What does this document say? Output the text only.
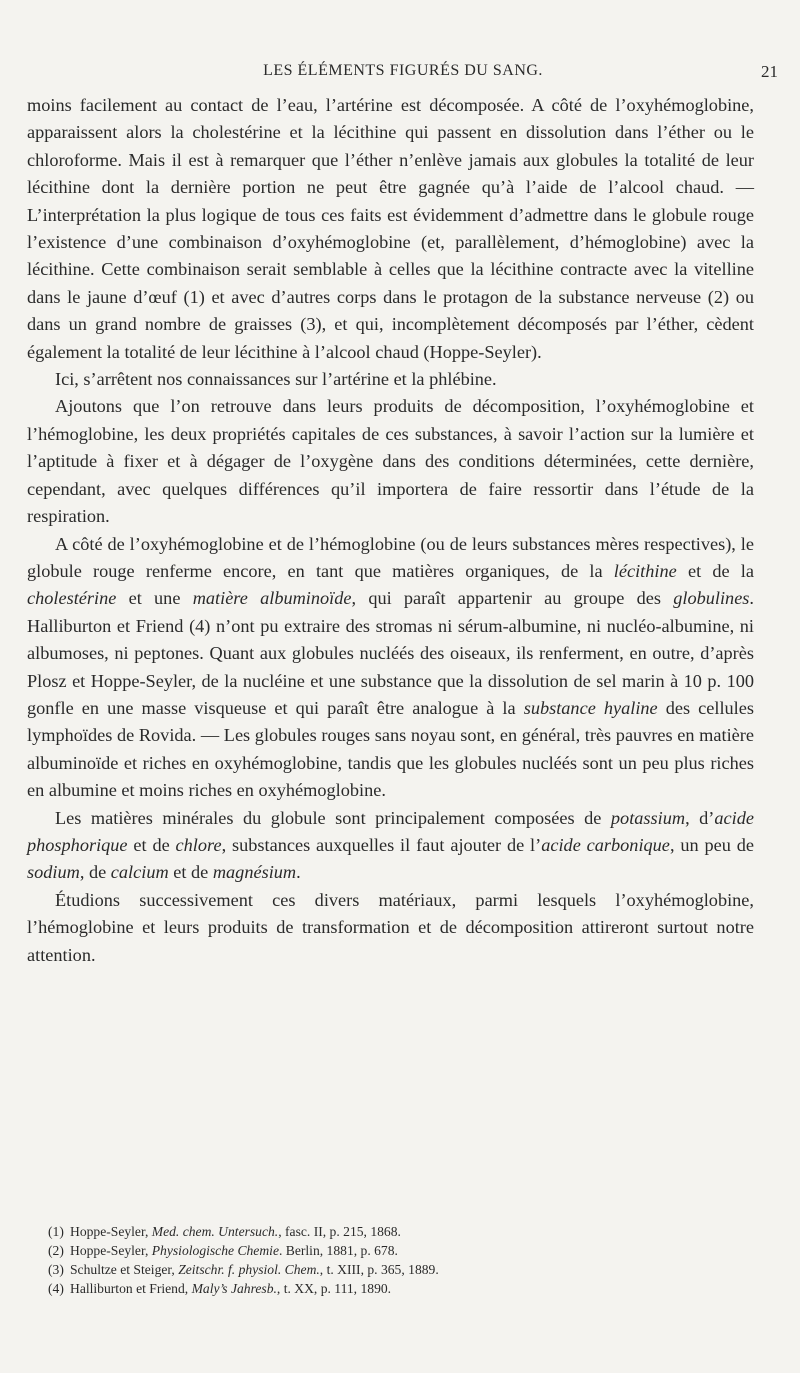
LES ÉLÉMENTS FIGURÉS DU SANG.	21

moins facilement au contact de l’eau, l’artérine est décomposée. A côté de l’oxyhémoglobine, apparaissent alors la cholestérine et la lécithine qui passent en dissolution dans l’éther ou le chloroforme. Mais il est à remarquer que l’éther n’enlève jamais aux globules la totalité de leur lécithine dont la dernière portion ne peut être gagnée qu’à l’aide de l’alcool chaud. — L’interprétation la plus logique de tous ces faits est évidemment d’admettre dans le globule rouge l’existence d’une combinaison d’oxyhémoglobine (et, parallèlement, d’hémoglobine) avec la lécithine. Cette combinaison serait semblable à celles que la lécithine contracte avec la vitelline dans le jaune d’œuf (1) et avec d’autres corps dans le protagon de la substance nerveuse (2) ou dans un grand nombre de graisses (3), et qui, incomplètement décomposés par l’éther, cèdent également la totalité de leur lécithine à l’alcool chaud (Hoppe-Seyler).

Ici, s’arrêtent nos connaissances sur l’artérine et la phlébine.

Ajoutons que l’on retrouve dans leurs produits de décomposition, l’oxyhémoglobine et l’hémoglobine, les deux propriétés capitales de ces substances, à savoir l’action sur la lumière et l’aptitude à fixer et à dégager de l’oxygène dans des conditions déterminées, cette dernière, cependant, avec quelques différences qu’il importera de faire ressortir dans l’étude de la respiration.

A côté de l’oxyhémoglobine et de l’hémoglobine (ou de leurs substances mères respectives), le globule rouge renferme encore, en tant que matières organiques, de la lécithine et de la cholestérine et une matière albuminoïde, qui paraît appartenir au groupe des globulines. Halliburton et Friend (4) n’ont pu extraire des stromas ni sérum-albumine, ni nucléo-albumine, ni albumoses, ni peptones. Quant aux globules nucléés des oiseaux, ils renferment, en outre, d’après Plosz et Hoppe-Seyler, de la nucléine et une substance que la dissolution de sel marin à 10 p. 100 gonfle en une masse visqueuse et qui paraît être analogue à la substance hyaline des cellules lymphoïdes de Rovida. — Les globules rouges sans noyau sont, en général, très pauvres en matière albuminoïde et riches en oxyhémoglobine, tandis que les globules nucléés sont un peu plus riches en albumine et moins riches en oxyhémoglobine.

Les matières minérales du globule sont principalement composées de potassium, d’acide phosphorique et de chlore, substances auxquelles il faut ajouter de l’acide carbonique, un peu de sodium, de calcium et de magnésium.

Étudions successivement ces divers matériaux, parmi lesquels l’oxyhémoglobine, l’hémoglobine et leurs produits de transformation et de décomposition attireront surtout notre attention.

(1) Hoppe-Seyler, Med. chem. Untersuch., fasc. II, p. 215, 1868.
(2) Hoppe-Seyler, Physiologische Chemie. Berlin, 1881, p. 678.
(3) Schultze et Steiger, Zeitschr. f. physiol. Chem., t. XIII, p. 365, 1889.
(4) Halliburton et Friend, Maly’s Jahresb., t. XX, p. 111, 1890.
